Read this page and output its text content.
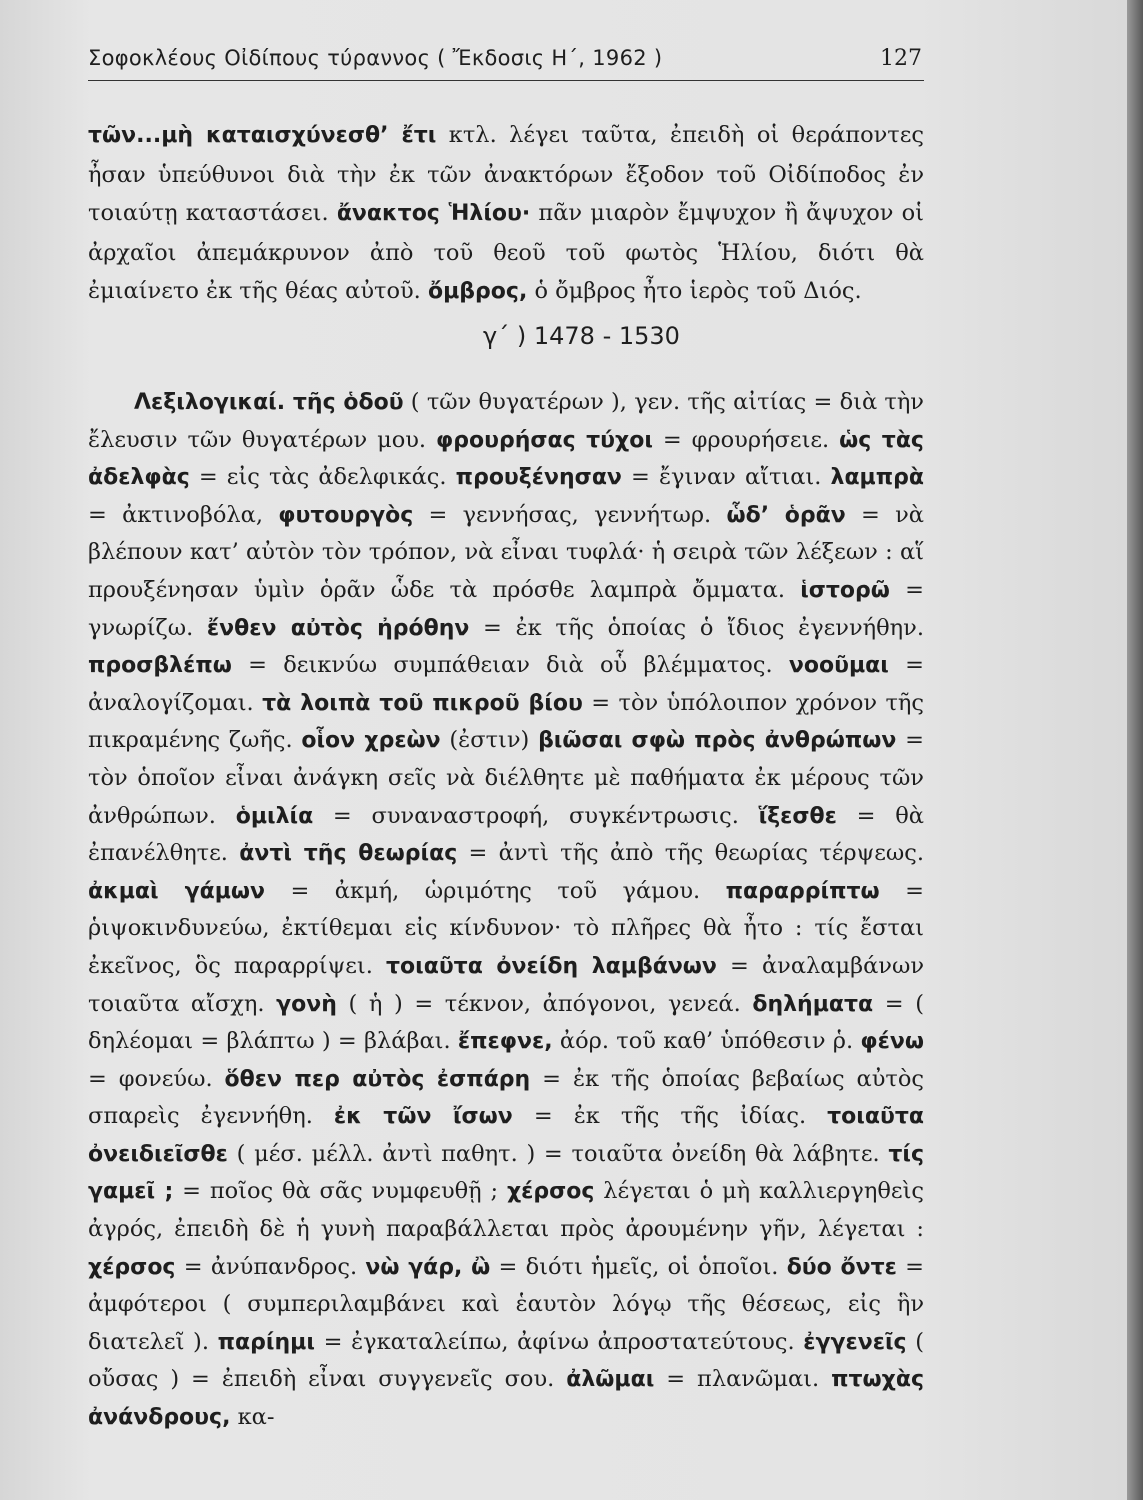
Σοφοκλέους Οἰδίπους τύραννος ( Ἔκδοσις Η΄, 1962 )	127
τῶν...μὴ καταισχύνεσθ’ ἔτι κτλ. λέγει ταῦτα, ἐπειδὴ οἱ θεράποντες ἦσαν ὑπεύθυνοι διὰ τὴν ἐκ τῶν ἀνακτόρων ἔξοδον τοῦ Οἰδίποδος ἐν τοιαύτῃ καταστάσει. ἄνακτος Ἡλίου· πᾶν μιαρὸν ἔμψυχον ἢ ἄψυχον οἱ ἀρχαῖοι ἀπεμάκρυνον ἀπὸ τοῦ θεοῦ τοῦ φωτὸς Ἡλίου, διότι θὰ ἐμιαίνετο ἐκ τῆς θέας αὐτοῦ. ὄμβρος, ὁ ὄμβρος ἦτο ἱερὸς τοῦ Διός.
γ΄ ) 1478 - 1530
Λεξιλογικαί. τῆς ὁδοῦ ( τῶν θυγατέρων ), γεν. τῆς αἰτίας = διὰ τὴν ἔλευσιν τῶν θυγατέρων μου. φρουρήσας τύχοι = φρουρήσειε. ὡς τὰς ἀδελφὰς = εἰς τὰς ἀδελφικάς. προυξένησαν = ἔγιναν αἴτιαι. λαμπρὰ = ἀκτινοβόλα, φυτουργὸς = γεννήσας, γεννήτωρ. ὧδ’ ὁρᾶν = νὰ βλέπουν κατ’ αὐτὸν τὸν τρόπον, νὰ εἶναι τυφλά· ἡ σειρὰ τῶν λέξεων : αἵ προυξένησαν ὑμὶν ὁρᾶν ὧδε τὰ πρόσθε λαμπρὰ ὄμματα. ἱστορῶ = γνωρίζω. ἔνθεν αὐτὸς ἠρόθην = ἐκ τῆς ὁποίας ὁ ἴδιος ἐγεννήθην. προσβλέπω = δεικνύω συμπάθειαν διὰ οὗ βλέμματος. νοοῦμαι = ἀναλογίζομαι. τὰ λοιπὰ τοῦ πικροῦ βίου = τὸν ὑπόλοιπον χρόνον τῆς πικραμένης ζωῆς. οἷον χρεὼν (ἐστιν) βιῶσαι σφὼ πρὸς ἀνθρώπων = τὸν ὁποῖον εἶναι ἀνάγκη σεῖς νὰ διέλθητε μὲ παθήματα ἐκ μέρους τῶν ἀνθρώπων. ὁμιλία = συναναστροφή, συγκέντρωσις. ἵξεσθε = θὰ ἐπανέλθητε. ἀντὶ τῆς θεωρίας = ἀντὶ τῆς ἀπὸ τῆς θεωρίας τέρψεως. ἀκμαὶ γάμων = ἀκμή, ὡριμότης τοῦ γάμου. παραρρίπτω = ῥιψοκινδυνεύω, ἐκτίθεμαι εἰς κίνδυνον· τὸ πλῆρες θὰ ἦτο : τίς ἔσται ἐκεῖνος, ὃς παραρρίψει. τοιαῦτα ὀνείδη λαμβάνων = ἀναλαμβάνων τοιαῦτα αἴσχη. γονὴ ( ἡ ) = τέκνον, ἀπόγονοι, γενεά. δηλήματα = ( δηλέομαι = βλάπτω ) = βλάβαι. ἔπεφνε, ἀόρ. τοῦ καθ’ ὑπόθεσιν ῥ. φένω = φονεύω. ὅθεν περ αὐτὸς ἐσπάρη = ἐκ τῆς ὁποίας βεβαίως αὐτὸς σπαρεὶς ἐγεννήθη. ἐκ τῶν ἴσων = ἐκ τῆς τῆς ἰδίας. τοιαῦτα ὀνειδιεῖσθε ( μέσ. μέλλ. ἀντὶ παθητ. ) = τοιαῦτα ὀνείδη θὰ λάβητε. τίς γαμεῖ ; = ποῖος θὰ σᾶς νυμφευθῇ ; χέρσος λέγεται ὁ μὴ καλλιεργηθεὶς ἀγρός, ἐπειδὴ δὲ ἡ γυνὴ παραβάλλεται πρὸς ἀρουμένην γῆν, λέγεται : χέρσος = ἀνύπανδρος. νὼ γάρ, ὢ = διότι ἡμεῖς, οἱ ὁποῖοι. δύο ὄντε = ἀμφότεροι ( συμπεριλαμβάνει καὶ ἑαυτὸν λόγῳ τῆς θέσεως, εἰς ἣν διατελεῖ ). παρίημι = ἐγκαταλείπω, ἀφίνω ἀπροστατεύτους. ἐγγενεῖς ( οὔσας ) = ἐπειδὴ εἶναι συγγενεῖς σου. ἀλῶμαι = πλανῶμαι. πτωχὰς ἀνάνδρους, κα-
